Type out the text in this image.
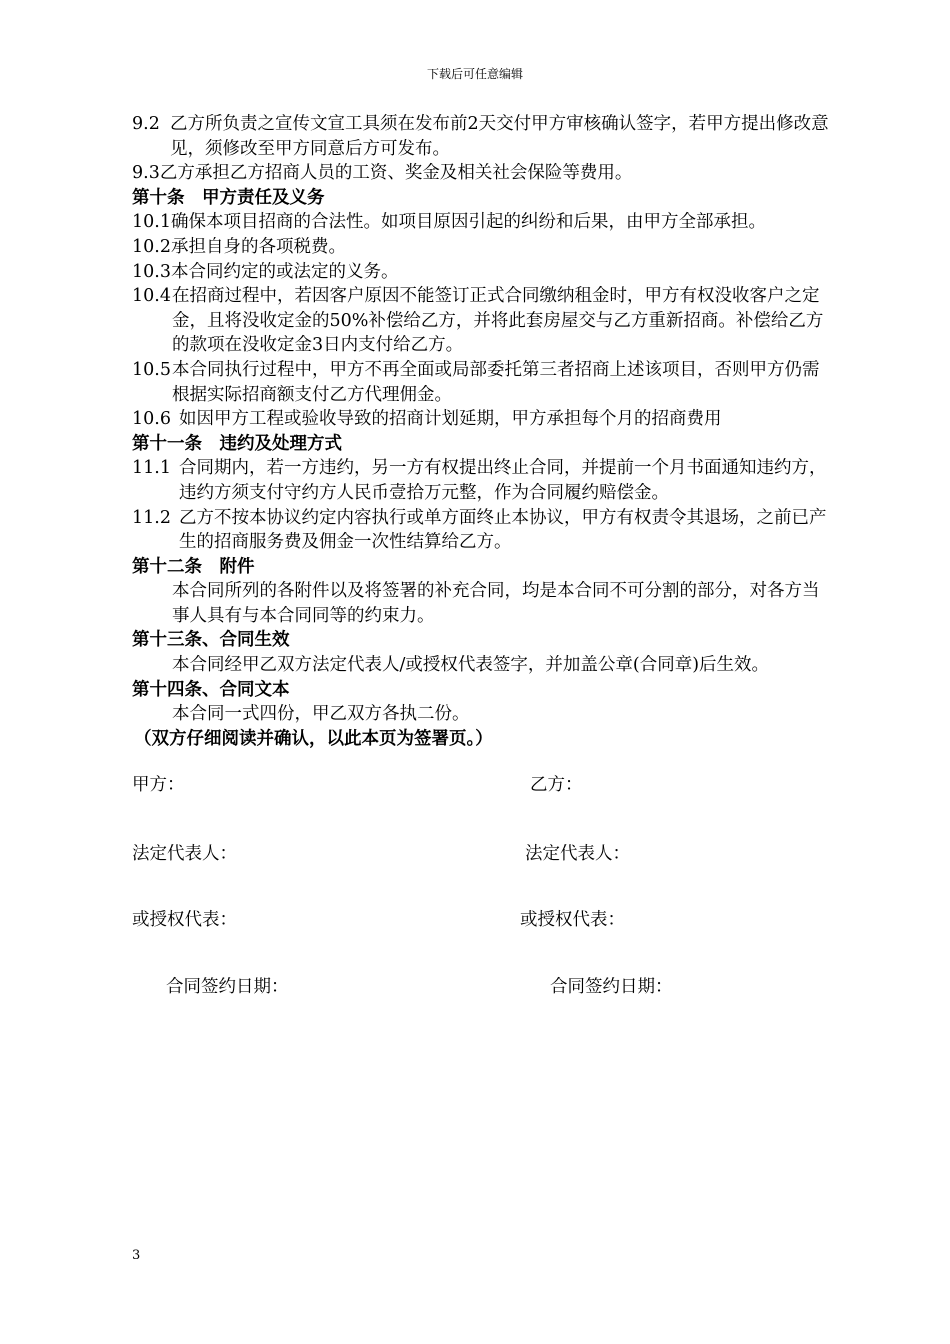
下载后可任意编辑
9.2 乙方所负责之宣传文宣工具须在发布前2天交付甲方审核确认签字，若甲方提出修改意见，须修改至甲方同意后方可发布。
9.3 乙方承担乙方招商人员的工资、奖金及相关社会保险等费用。
第十条　甲方责任及义务
10.1 确保本项目招商的合法性。如项目原因引起的纠纷和后果，由甲方全部承担。
10.2 承担自身的各项税费。
10.3 本合同约定的或法定的义务。
10.4 在招商过程中，若因客户原因不能签订正式合同缴纳租金时，甲方有权没收客户之定金，且将没收定金的50%补偿给乙方，并将此套房屋交与乙方重新招商。补偿给乙方的款项在没收定金3日内支付给乙方。
10.5 本合同执行过程中，甲方不再全面或局部委托第三者招商上述该项目，否则甲方仍需根据实际招商额支付乙方代理佣金。
10.6 如因甲方工程或验收导致的招商计划延期，甲方承担每个月的招商费用
第十一条　违约及处理方式
11.1 合同期内，若一方违约，另一方有权提出终止合同，并提前一个月书面通知违约方，违约方须支付守约方人民币壹拾万元整，作为合同履约赔偿金。
11.2 乙方不按本协议约定内容执行或单方面终止本协议，甲方有权责令其退场，之前已产生的招商服务费及佣金一次性结算给乙方。
第十二条　附件
本合同所列的各附件以及将签署的补充合同，均是本合同不可分割的部分，对各方当事人具有与本合同同等的约束力。
第十三条、合同生效
本合同经甲乙双方法定代表人/或授权代表签字，并加盖公章(合同章)后生效。
第十四条、合同文本
本合同一式四份，甲乙双方各执二份。
（双方仔细阅读并确认，以此本页为签署页。）
甲方：	乙方：
法定代表人：	法定代表人：
或授权代表：	或授权代表：
合同签约日期：	合同签约日期：
3
